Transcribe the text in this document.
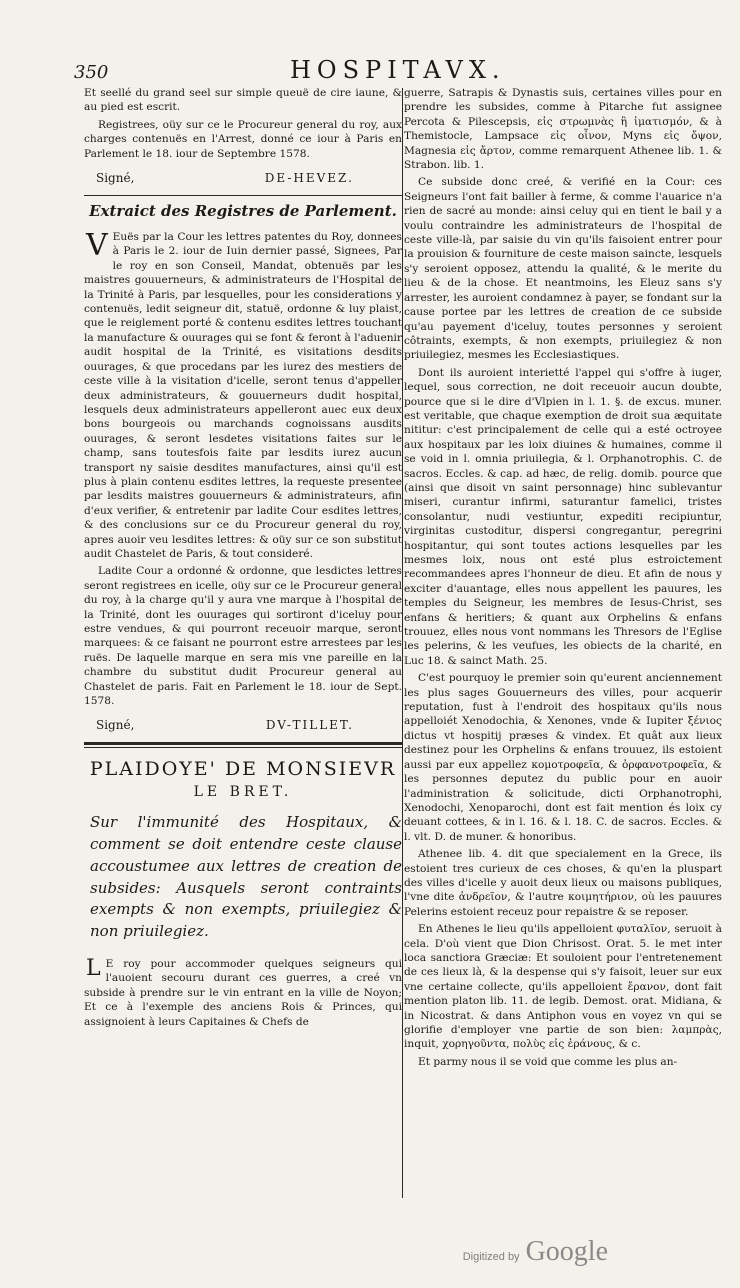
350	HOSPITAVX.

Et seellé du grand seel sur simple queuë de cire iaune, & au pied est escrit.

Registrees, oüy sur ce le Procureur general du roy, aux charges contenuës en l'Arrest, donné ce iour à Paris en Parlement le 18. iour de Septembre 1578.

Signé,	DE-HEVEZ.
Extraict des Registres de Parlement.

V Euës par la Cour les lettres patentes du Roy, donnees à Paris le 2. iour de Iuin dernier passé, Signees, Par le roy en son Conseil, Mandat, obtenuës par les maistres gouuerneurs, & administrateurs de l'Hospital de la Trinité à Paris, par lesquelles, pour les considerations y contenuës, ledit seigneur dit, statuë, ordonne & luy plaist, que le reiglement porté & contenu esdites lettres touchant la manufacture & ouurages qui se font & feront à l'aduenir audit hospital de la Trinité, es visitations desdits ouurages, & que procedans par les iurez des mestiers de ceste ville à la visitation d'icelle, seront tenus d'appeller deux administrateurs, & gouuerneurs dudit hospital, lesquels deux administrateurs appelleront auec eux deux bons bourgeois ou marchands cognoissans ausdits ouurages, & seront lesdetes visitations faites sur le champ, sans toutesfois faite par lesdits iurez aucun transport ny saisie desdites manufactures, ainsi qu'il est plus à plain contenu esdites lettres, la requeste presentee par lesdits maistres gouuerneurs & administrateurs, afin d'eux verifier, & entretenir par ladite Cour esdites lettres, & des conclusions sur ce du Procureur general du roy, apres auoir veu lesdites lettres: & oüy sur ce son substitut audit Chastelet de Paris, & tout consideré.

Ladite Cour a ordonné & ordonne, que lesdictes lettres seront registrees en icelle, oüy sur ce le Procureur general du roy, à la charge qu'il y aura vne marque à l'hospital de la Trinité, dont les ouurages qui sortiront d'iceluy pour estre vendues, & qui pourront receuoir marque, seront marquees: & ce faisant ne pourront estre arrestees par les ruës. De laquelle marque en sera mis vne pareille en la chambre du substitut dudit Procureur general au Chastelet de paris. Fait en Parlement le 18. iour de Sept. 1578.

Signé,	DV-TILLET.
PLAIDOYE' DE MONSIEVR
LE BRET.
Sur l'immunité des Hospitaux, & comment se doit entendre ceste clause accoustumee aux lettres de creation de subsides: Ausquels seront contraints exempts & non exempts, priuilegiez & non priuilegiez.

L E roy pour accommoder quelques seigneurs qui l'auoient secouru durant ces guerres, a creé vn subside à prendre sur le vin entrant en la ville de Noyon; Et ce à l'exemple des anciens Rois & Princes, qui assignoient à leurs Capitaines & Chefs de

guerre, Satrapis & Dynastis suis, certaines villes pour en prendre les subsides, comme à Pitarche fut assignee Percota & Pilescepsis, εἰς στρωμνὰς ἢ ἱματισμόν, & à Themistocle, Lampsace εἰς οἶνον, Myns εἰς ὄψον, Magnesia εἰς ἄρτον, comme remarquent Athenee lib. 1. & Strabon. lib. 1.

Ce subside donc creé, & verifié en la Cour: ces Seigneurs l'ont fait bailler à ferme, & comme l'auarice n'a rien de sacré au monde: ainsi celuy qui en tient le bail y a voulu contraindre les administrateurs de l'hospital de ceste ville-là, par saisie du vin qu'ils faisoient entrer pour la prouision & fourniture de ceste maison saincte, lesquels s'y seroient opposez, attendu la qualité, & le merite du lieu & de la chose. Et neantmoins, les Eleuz sans s'y arrester, les auroient condamnez à payer, se fondant sur la cause portee par les lettres de creation de ce subside qu'au payement d'iceluy, toutes personnes y seroient côtraints, exempts, & non exempts, priuilegiez & non priuilegiez, mesmes les Ecclesiastiques.

Dont ils auroient interietté l'appel qui s'offre à iuger, lequel, sous correction, ne doit receuoir aucun doubte, pource que si le dire d'Vlpien in l. 1. §. de excus. muner. est veritable, que chaque exemption de droit sua æquitate nititur: c'est principalement de celle qui a esté octroyee aux hospitaux par les loix diuines & humaines, comme il se void in l. omnia priuilegia, & l. Orphanotrophis. C. de sacros. Eccles. & cap. ad hæc, de relig. domib. pource que (ainsi que disoit vn saint personnage) hinc sublevantur miseri, curantur infirmi, saturantur famelici, tristes consolantur, nudi vestiuntur, expediti recipiuntur, virginitas custoditur, dispersi congregantur, peregrini hospitantur, qui sont toutes actions lesquelles par les mesmes loix, nous ont esté plus estroictement recommandees apres l'honneur de dieu. Et afin de nous y exciter d'auantage, elles nous appellent les pauures, les temples du Seigneur, les membres de Iesus-Christ, ses enfans & heritiers; & quant aux Orphelins & enfans trouuez, elles nous vont nommans les Thresors de l'Eglise les pelerins, & les veufues, les obiects de la charité, en Luc 18. & sainct Math. 25.

C'est pourquoy le premier soin qu'eurent anciennement les plus sages Gouuerneurs des villes, pour acquerir reputation, fust à l'endroit des hospitaux qu'ils nous appelloiét Xenodochia, & Xenones, vnde & Iupiter ξένιος dictus vt hospitij præses & vindex. Et quât aux lieux destinez pour les Orphelins & enfans trouuez, ils estoient aussi par eux appellez κομοτροφεῖα, & ὀρφανοτροφεῖα, & les personnes deputez du public pour en auoir l'administration & solicitude, dicti Orphanotrophi, Xenodochi, Xenoparochi, dont est fait mention és loix cy deuant cottees, & in l. 16. & l. 18. C. de sacros. Eccles. & l. vlt. D. de muner. & honoribus.

Athenee lib. 4. dit que specialement en la Grece, ils estoient tres curieux de ces choses, & qu'en la pluspart des villes d'icelle y auoit deux lieux ou maisons publiques, l'vne dite ἀνδρεῖον, & l'autre κοιμητήριον, où les pauures Pelerins estoient receuz pour repaistre & se reposer.

En Athenes le lieu qu'ils appelloient φυταλῖον, seruoit à cela. D'où vient que Dion Chrisost. Orat. 5. le met inter loca sanctiora Græciæ: Et souloient pour l'entretenement de ces lieux là, & la despense qui s'y faisoit, leuer sur eux vne certaine collecte, qu'ils appelloient ἔρανον, dont fait mention platon lib. 11. de legib. Demost. orat. Midiana, & in Nicostrat. & dans Antiphon vous en voyez vn qui se glorifie d'employer vne partie de son bien: λαμπρὰς, inquit, χορηγοῦντα, πολὺς εἰς ἐράνους, & c.

Et parmy nous il se void que comme les plus an-

Digitized by Google
